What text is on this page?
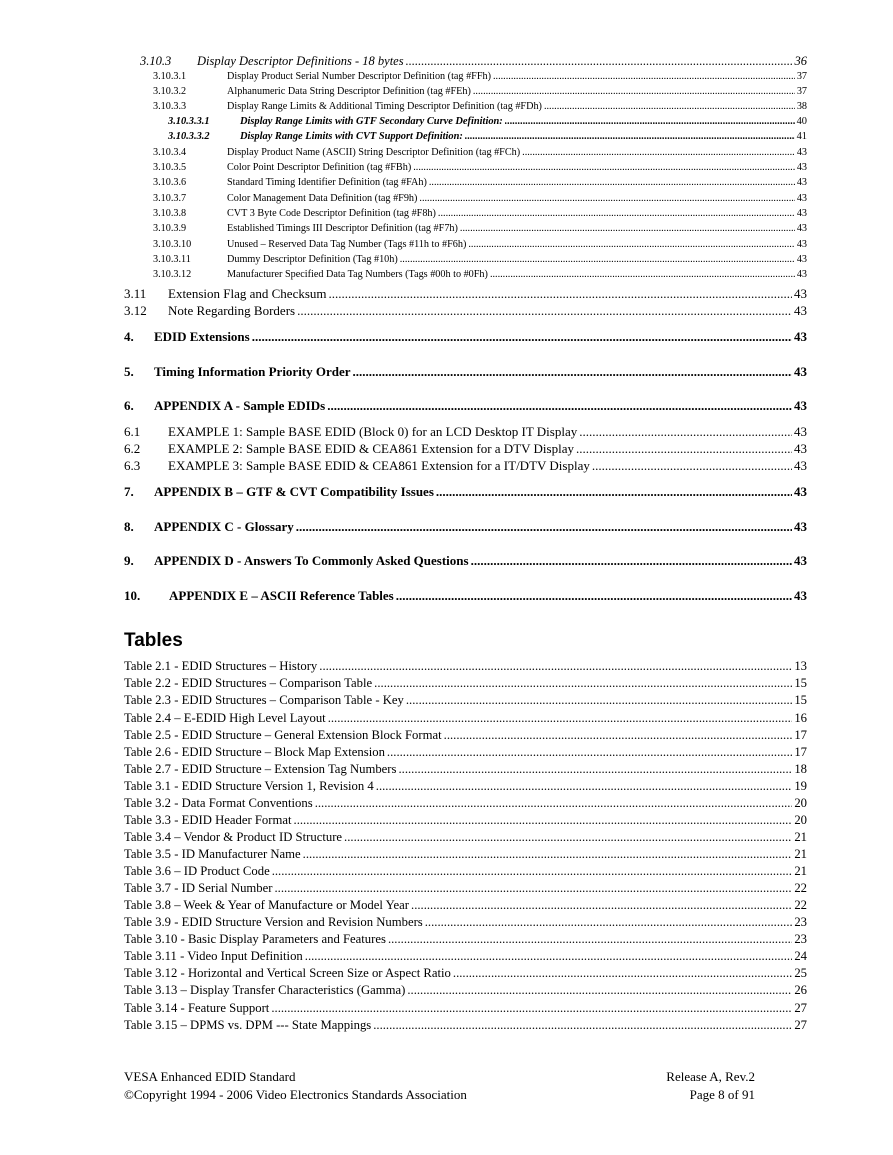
3.10.3	Display Descriptor Definitions - 18 bytes .....	36
3.10.3.1	Display Product Serial Number Descriptor Definition (tag #FFh) .....	37
3.10.3.2	Alphanumeric Data String Descriptor Definition (tag #FEh) .....	37
3.10.3.3	Display Range Limits & Additional Timing Descriptor Definition (tag #FDh) .....	38
3.10.3.3.1	Display Range Limits with GTF Secondary Curve Definition: .....	40
3.10.3.3.2	Display Range Limits with CVT Support Definition: .....	41
3.10.3.4	Display Product Name (ASCII) String Descriptor Definition (tag #FCh) .....	43
3.10.3.5	Color Point Descriptor Definition (tag #FBh) .....	43
3.10.3.6	Standard Timing Identifier Definition (tag #FAh) .....	43
3.10.3.7	Color Management Data Definition (tag #F9h) .....	43
3.10.3.8	CVT 3 Byte Code Descriptor Definition (tag #F8h) .....	43
3.10.3.9	Established Timings III Descriptor Definition (tag #F7h) .....	43
3.10.3.10	Unused – Reserved Data Tag Number (Tags #11h to #F6h) .....	43
3.10.3.11	Dummy Descriptor Definition (Tag #10h) .....	43
3.10.3.12	Manufacturer Specified Data Tag Numbers (Tags #00h to #0Fh) .....	43
3.11	Extension Flag and Checksum .....	43
3.12	Note Regarding Borders .....	43
4.	EDID Extensions .....	43
5.	Timing Information Priority Order .....	43
6.	APPENDIX A - Sample EDIDs .....	43
6.1	EXAMPLE 1: Sample BASE EDID (Block 0) for an LCD Desktop IT Display .....	43
6.2	EXAMPLE 2: Sample BASE EDID & CEA861 Extension for a DTV Display .....	43
6.3	EXAMPLE 3: Sample BASE EDID & CEA861 Extension for a IT/DTV Display .....	43
7.	APPENDIX B – GTF & CVT Compatibility Issues .....	43
8.	APPENDIX C - Glossary .....	43
9.	APPENDIX D - Answers To Commonly Asked Questions .....	43
10.	APPENDIX E – ASCII Reference Tables .....	43
Tables
Table 2.1 - EDID Structures – History .....	13
Table 2.2 - EDID Structures – Comparison Table .....	15
Table 2.3 - EDID Structures – Comparison Table - Key .....	15
Table 2.4 – E-EDID High Level Layout .....	16
Table 2.5 - EDID Structure – General Extension Block Format .....	17
Table 2.6 - EDID Structure – Block Map Extension .....	17
Table 2.7 - EDID Structure – Extension Tag Numbers .....	18
Table 3.1 - EDID Structure Version 1, Revision 4 .....	19
Table 3.2 - Data Format Conventions .....	20
Table 3.3 - EDID Header Format .....	20
Table 3.4 – Vendor & Product ID Structure .....	21
Table 3.5 - ID Manufacturer Name .....	21
Table 3.6 – ID Product Code .....	21
Table 3.7 - ID Serial Number .....	22
Table 3.8 – Week & Year of Manufacture or Model Year .....	22
Table 3.9 - EDID Structure Version and Revision Numbers .....	23
Table 3.10 - Basic Display Parameters and Features .....	23
Table 3.11 - Video Input Definition .....	24
Table 3.12 - Horizontal and Vertical Screen Size or Aspect Ratio .....	25
Table 3.13 – Display Transfer Characteristics (Gamma) .....	26
Table 3.14 - Feature Support .....	27
Table 3.15 – DPMS vs. DPM --- State Mappings .....	27
VESA Enhanced EDID Standard
©Copyright 1994 - 2006 Video Electronics Standards Association
Release A, Rev.2
Page 8 of 91
